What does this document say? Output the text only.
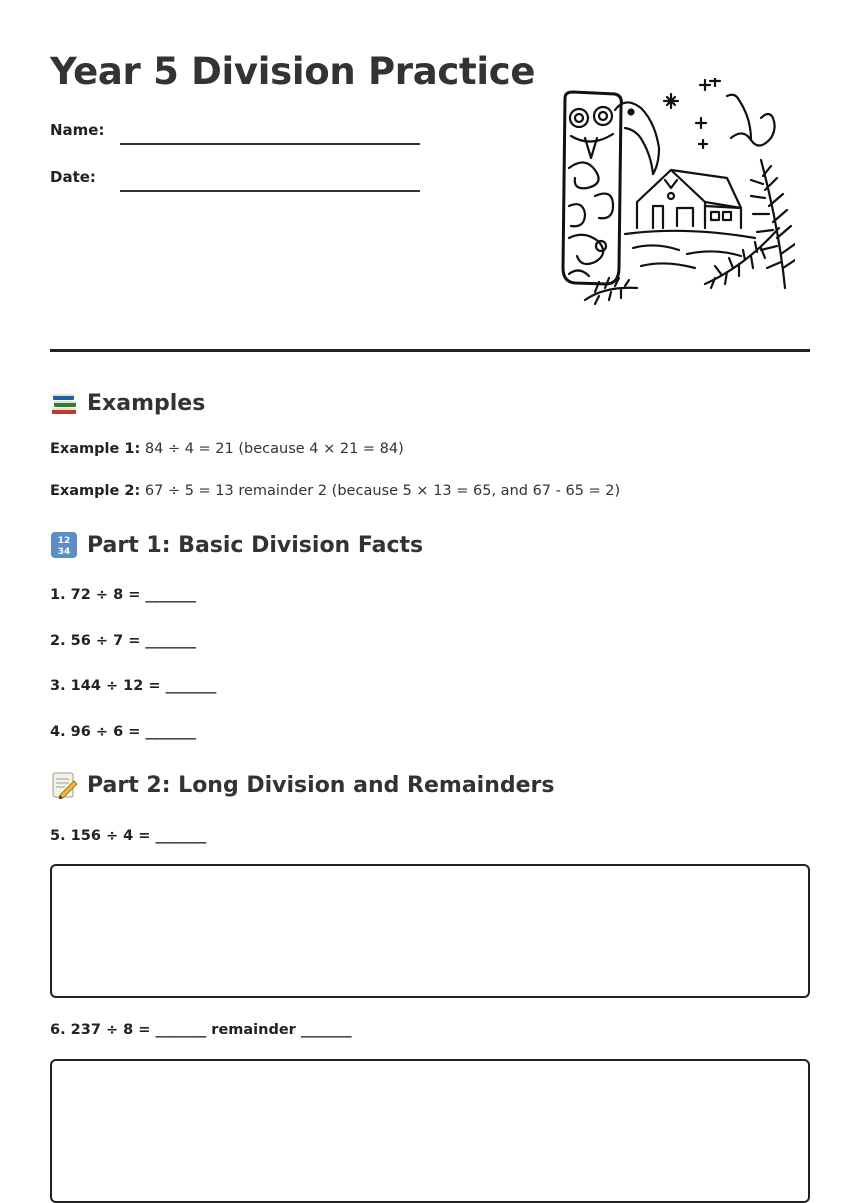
Year 5 Division Practice
Name:
Date:
Examples
Example 1: 84 ÷ 4 = 21 (because 4 × 21 = 84)
Example 2: 67 ÷ 5 = 13 remainder 2 (because 5 × 13 = 65, and 67 - 65 = 2)
12
34 Part 1: Basic Division Facts
1. 72 ÷ 8 = _______
2. 56 ÷ 7 = _______
3. 144 ÷ 12 = _______
4. 96 ÷ 6 = _______
Part 2: Long Division and Remainders
5. 156 ÷ 4 = _______
6. 237 ÷ 8 = _______ remainder _______
